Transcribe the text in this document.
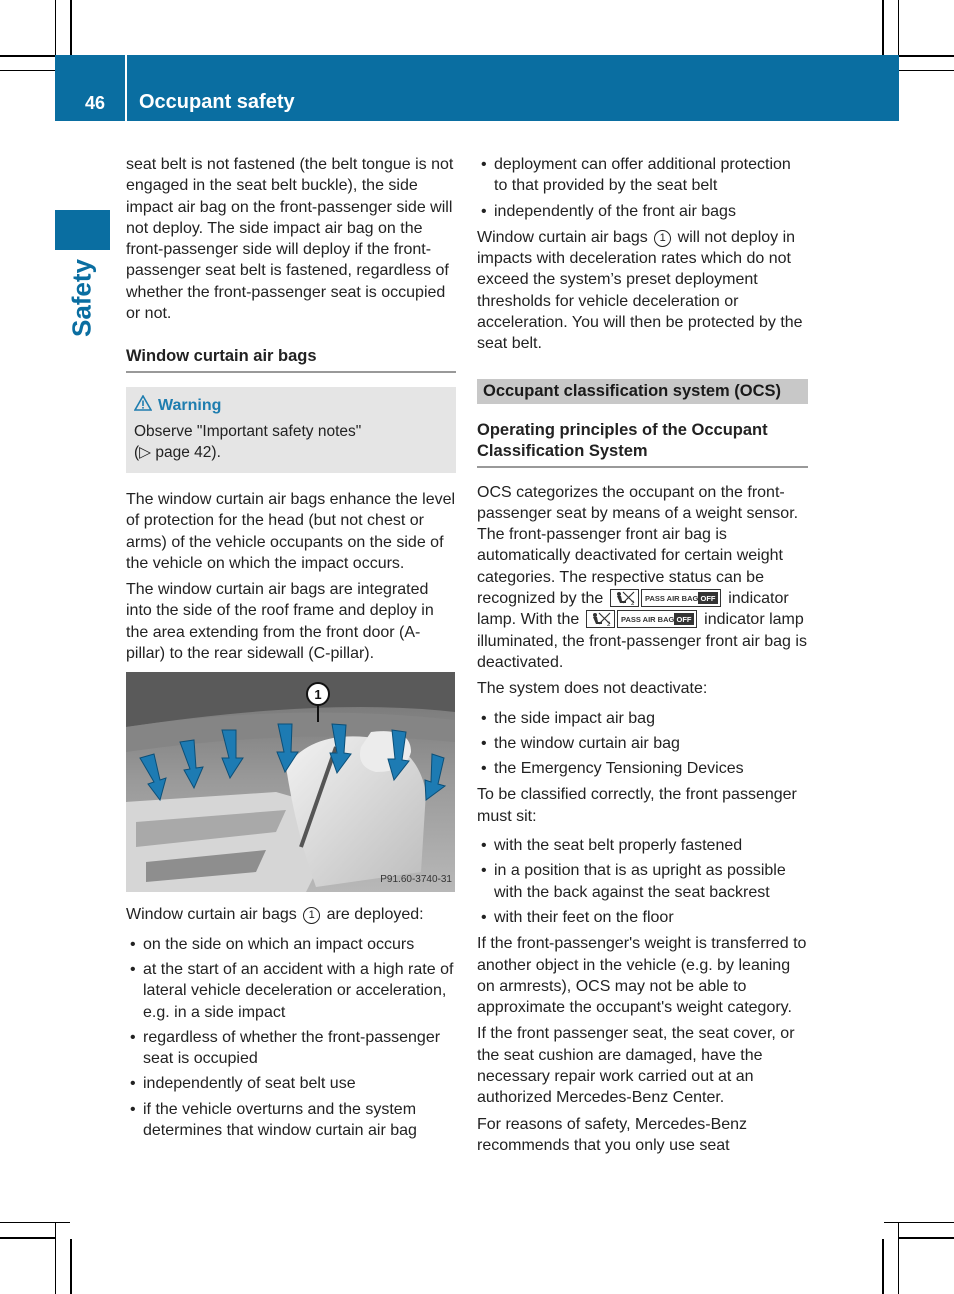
46 Occupant safety
Safety

seat belt is not fastened (the belt tongue is not engaged in the seat belt buckle), the side impact air bag on the front-passenger side will not deploy. The side impact air bag on the front-passenger side will deploy if the front-passenger seat belt is fastened, regardless of whether the front-passenger seat is occupied or not.

Window curtain air bags
Warning
Observe "Important safety notes"
(▷ page 42).

The window curtain air bags enhance the level of protection for the head (but not chest or arms) of the vehicle occupants on the side of the vehicle on which the impact occurs.

The window curtain air bags are integrated into the side of the roof frame and deploy in the area extending from the front door (A-pillar) to the rear sidewall (C-pillar).

1
P91.60-3740-31

Window curtain air bags 1 are deployed:

• on the side on which an impact occurs
• at the start of an accident with a high rate of lateral vehicle deceleration or acceleration, e.g. in a side impact
• regardless of whether the front-passenger seat is occupied
• independently of seat belt use
• if the vehicle overturns and the system determines that window curtain air bag
• deployment can offer additional protection to that provided by the seat belt
• independently of the front air bags

Window curtain air bags 1 will not deploy in impacts with deceleration rates which do not exceed the system’s preset deployment thresholds for vehicle deceleration or acceleration. You will then be protected by the seat belt.

Occupant classification system (OCS)
Operating principles of the Occupant Classification System

OCS categorizes the occupant on the front-passenger seat by means of a weight sensor. The front-passenger front air bag is automatically deactivated for certain weight categories. The respective status can be recognized by the	2
PASS AIR BAG OFF indicator lamp. With the	2
PASS AIR BAG OFF indicator lamp illuminated, the front-passenger front air bag is deactivated.

The system does not deactivate:

• the side impact air bag
• the window curtain air bag
• the Emergency Tensioning Devices

To be classified correctly, the front passenger must sit:

• with the seat belt properly fastened
• in a position that is as upright as possible with the back against the seat backrest
• with their feet on the floor

If the front-passenger's weight is transferred to another object in the vehicle (e.g. by leaning on armrests), OCS may not be able to approximate the occupant's weight category.

If the front passenger seat, the seat cover, or the seat cushion are damaged, have the necessary repair work carried out at an authorized Mercedes-Benz Center.

For reasons of safety, Mercedes-Benz recommends that you only use seat
